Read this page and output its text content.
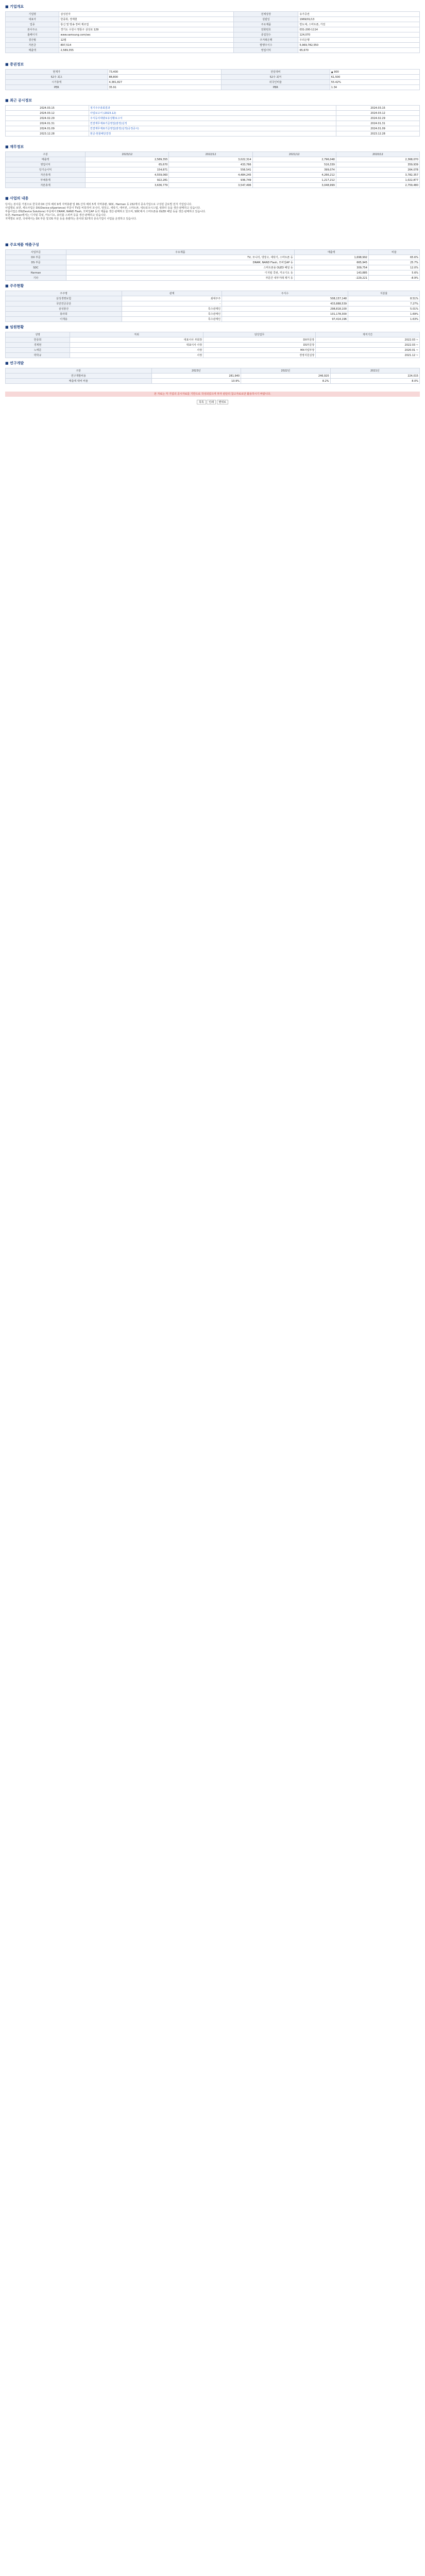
■ 기업개요
기업명	삼성전자	전체상장	유가증권
대표자	한종희, 경계현	설립일	1969/01/13
업종	통신 및 방송 장비 제조업	주요제품	반도체, 스마트폰, 가전
본사주소	경기도 수원시 영통구 삼성로 129	전화번호	031-200-1114
홈페이지	www.samsung.com/sec	종업원수	124,070
결산월	12월	주거래은행	우리은행
자본금	897,514	발행주식수	5,969,782,550
매출액	2,589,355	영업이익	65,670
■ 증권정보
현재가	73,400	전일대비	▲ 900
52주 최고	88,800	52주 최저	61,500
시가총액	4,381,827	외국인비율	55.42%
PER	35.91	PBR	1.34
■ 최근 공시정보
2024.03.15	정기주주총회결과	2024.03.15
2024.03.12	사업보고서 (2023.12)	2024.03.12
2024.02.29	주식등의대량보유상황보고서	2024.02.29
2024.01.31	연결재무제표기준영업(잠정)실적	2024.01.31
2024.01.09	연결재무제표기준영업(잠정)실적(공정공시)	2024.01.09
2023.12.28	현금·현물배당결정	2023.12.28
■ 재무정보
구분	2023/12	2022/12	2021/12	2020/12
매출액	2,589,355	3,022,314	2,796,048	2,368,070
영업이익	65,670	433,766	516,339	359,939
당기순이익	154,871	556,541	399,074	264,078
자산총계	4,559,060	4,484,245	4,266,212	3,782,357
부채총계	922,281	936,749	1,217,212	1,022,877
자본총계	3,636,779	3,547,496	3,048,999	2,759,480
■ 사업의 내용
당사는 본사를 거점으로 한국과 DX 산하 해외 9개 지역총괄 및 DS 산하 해외 5개 지역총괄, SDC, Harman 등 232개의 종속기업으로 구성된 글로벌 전자 기업입니다.
사업별로 보면, 세트사업은 DX(Device eXperience) 부문이 TV를 비롯하여 모니터, 냉장고, 세탁기, 에어컨, 스마트폰, 네트워크시스템, 컴퓨터 등을 생산·판매하고 있습니다.
부품사업은 DS(Device Solutions) 부문에서 DRAM, NAND Flash, 모바일AP 등의 제품을 생산·판매하고 있으며, SDC에서 스마트폰용 OLED 패널 등을 생산·판매하고 있습니다.
또한, Harman에서는 디지털 콕핏, 카오디오, 포터블 스피커 등을 생산·판매하고 있습니다.
지역별로 보면, 국내에서는 DX 부문 및 DS 부문 등을 총괄하는 본사와 32개의 종속기업이 사업을 운영하고 있습니다.
■ 주요제품 매출구성
사업부문	주요제품	매출액	비율
DX 부문	TV, 모니터, 냉장고, 세탁기, 스마트폰 등	1,698,992	65.6%
DS 부문	DRAM, NAND Flash, 모바일AP 등	665,945	25.7%
SDC	스마트폰용 OLED 패널 등	309,754	12.0%
Harman	디지털 콕핏, 카오디오 등	143,885	5.6%
기타	부문간 내부거래 제거 등	-229,221	-8.9%
■ 주주현황
주주명	관계	주식수	지분율
삼성생명보험	최대주주	508,157,148	8.51%
국민연금공단	-	433,888,539	7.27%
삼성물산	특수관계인	298,818,100	5.01%
홍라희	특수관계인	101,178,300	1.69%
이재용	특수관계인	97,414,196	1.63%
■ 임원현황
성명	직위	담당업무	재직기간
한종희	대표이사 부회장	DX부문장	2022.03 ~
경계현	대표이사 사장	DS부문장	2022.03 ~
노태문	사장	MX사업부장	2020.01 ~
박학규	사장	경영지원실장	2021.12 ~
■ 연구개발
구분	2023년	2022년	2021년
연구개발비용	281,940	246,920	224,015
매출액 대비 비율	10.9%	8.2%	8.0%
본 자료는 각 기업의 공시자료를 기반으로 작성되었으며 투자 판단의 참고자료로만 활용하시기 바랍니다.
목록 인쇄 맨위로
